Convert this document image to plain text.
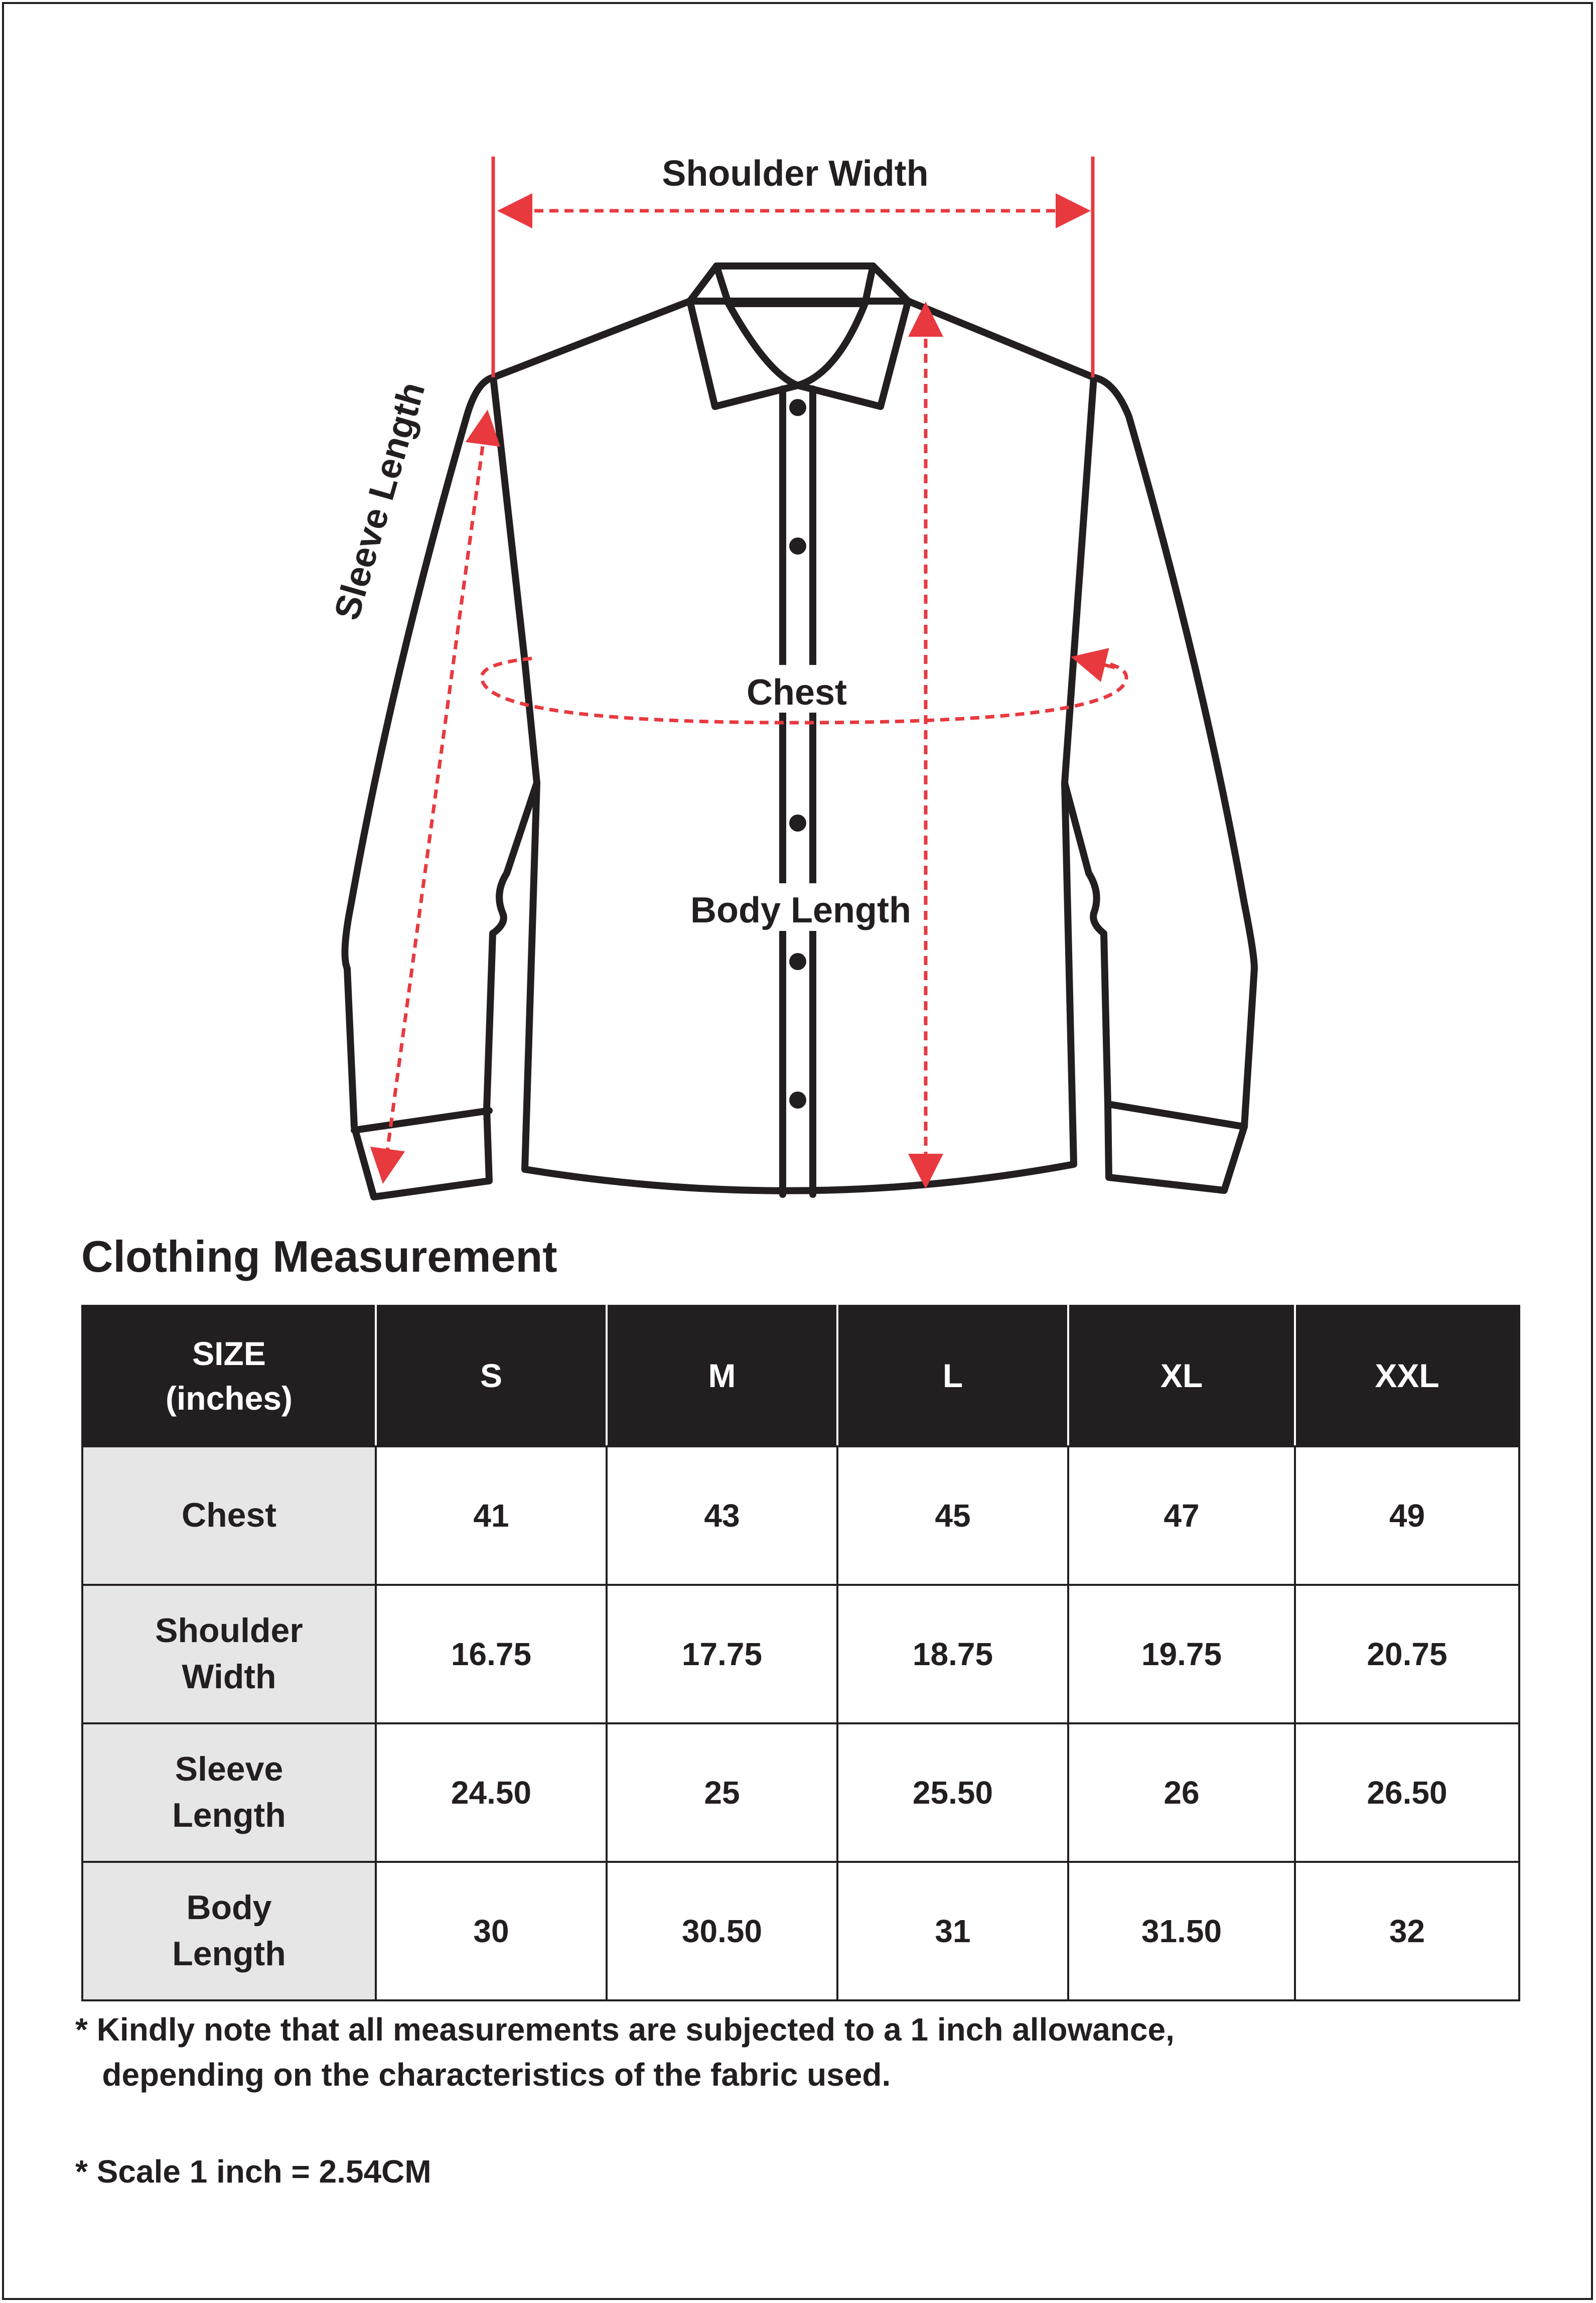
Shoulder Width
Sleeve Length
Chest
Body Length
Clothing Measurement
SIZE
(inches)	S	M	L	XL	XXL

Chest	41	43	45	47	49

Shoulder
Width	16.75	17.75	18.75	19.75	20.75

Sleeve
Length	24.50	25	25.50	26	26.50

Body
Length	30	30.50	31	31.50	32
* Kindly note that all measurements are subjected to a 1 inch allowance,
depending on the characteristics of the fabric used.
* Scale 1 inch = 2.54CM
